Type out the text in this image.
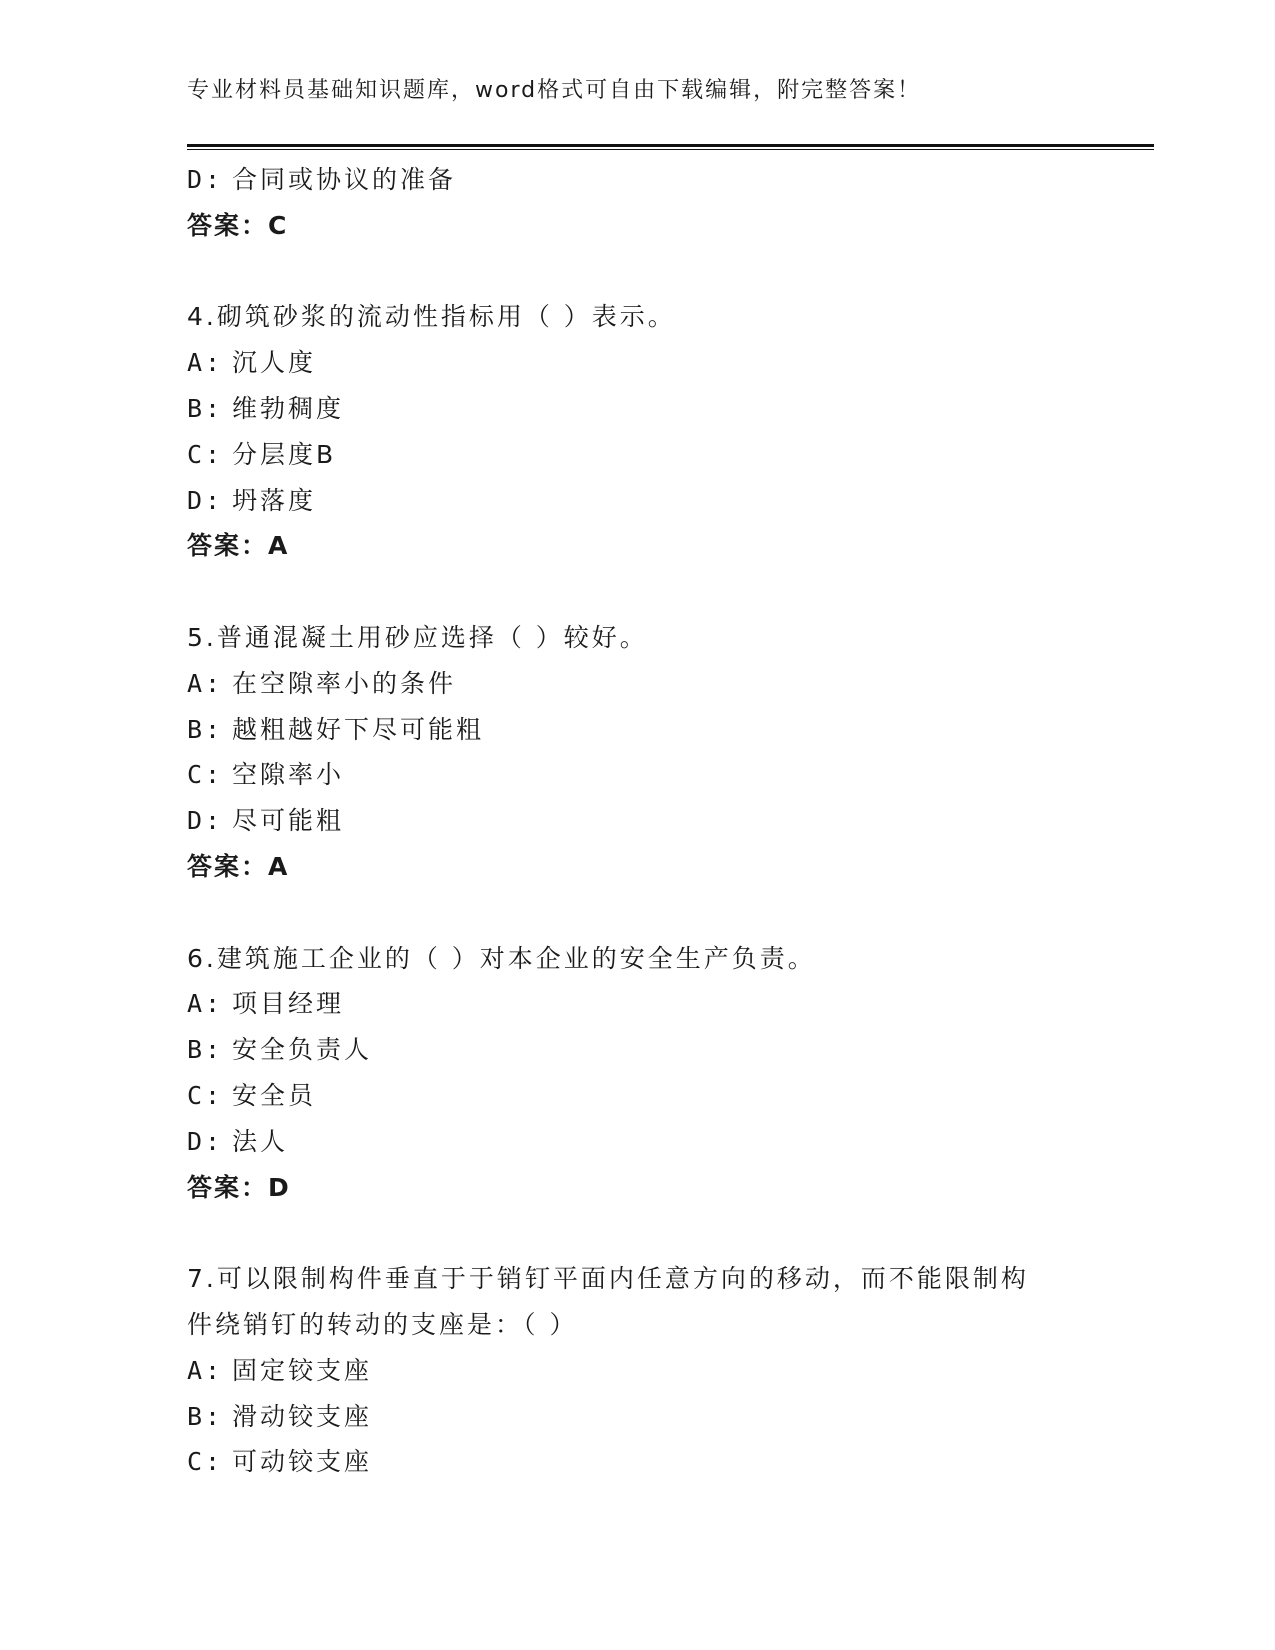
专业材料员基础知识题库，word格式可自由下载编辑，附完整答案！
D: 合同或协议的准备
答案：C
4.砌筑砂浆的流动性指标用（ ）表示。
A: 沉人度
B: 维勃稠度
C: 分层度B
D: 坍落度
答案：A
5.普通混凝土用砂应选择（ ）较好。
A: 在空隙率小的条件
B: 越粗越好下尽可能粗
C: 空隙率小
D: 尽可能粗
答案：A
6.建筑施工企业的（ ）对本企业的安全生产负责。
A: 项目经理
B: 安全负责人
C: 安全员
D: 法人
答案：D
7.可以限制构件垂直于于销钉平面内任意方向的移动，而不能限制构
件绕销钉的转动的支座是：（ ）
A: 固定铰支座
B: 滑动铰支座
C: 可动铰支座
